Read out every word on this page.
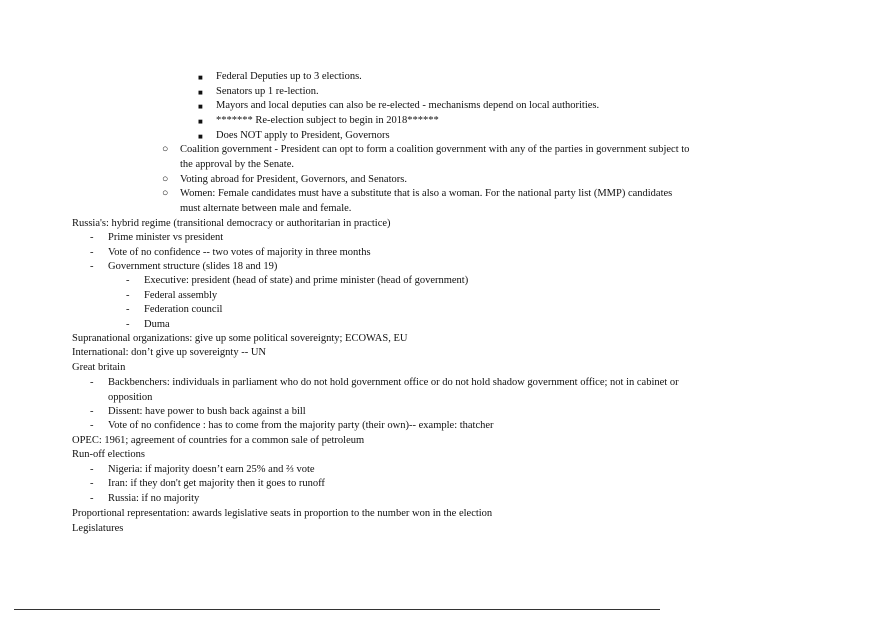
■ Federal Deputies up to 3 elections.
■ Senators up 1 re-lection.
■ Mayors and local deputies can also be re-elected - mechanisms depend on local authorities.
■ ******* Re-election subject to begin in 2018******
■ Does NOT apply to President, Governors
○ Coalition government - President can opt to form a coalition government with any of the parties in government subject to
the approval by the Senate.
○ Voting abroad for President, Governors, and Senators.
○ Women: Female candidates must have a substitute that is also a woman. For the national party list (MMP) candidates
must alternate between male and female.
Russia's: hybrid regime (transitional democracy or authoritarian in practice)
- Prime minister vs president
- Vote of no confidence -- two votes of majority in three months
- Government structure (slides 18 and 19)
- Executive: president (head of state) and prime minister (head of government)
- Federal assembly
- Federation council
- Duma
Supranational organizations: give up some political sovereignty; ECOWAS, EU
International: don’t give up sovereignty -- UN
Great britain
- Backbenchers: individuals in parliament who do not hold government office or do not hold shadow government office; not in cabinet or
opposition
- Dissent: have power to bush back against a bill
- Vote of no confidence : has to come from the majority party (their own)-- example: thatcher
OPEC: 1961; agreement of countries for a common sale of petroleum
Run-off elections
- Nigeria: if majority doesn’t earn 25% and ⅔ vote
- Iran: if they don't get majority then it goes to runoff
- Russia: if no majority
Proportional representation: awards legislative seats in proportion to the number won in the election
Legislatures
